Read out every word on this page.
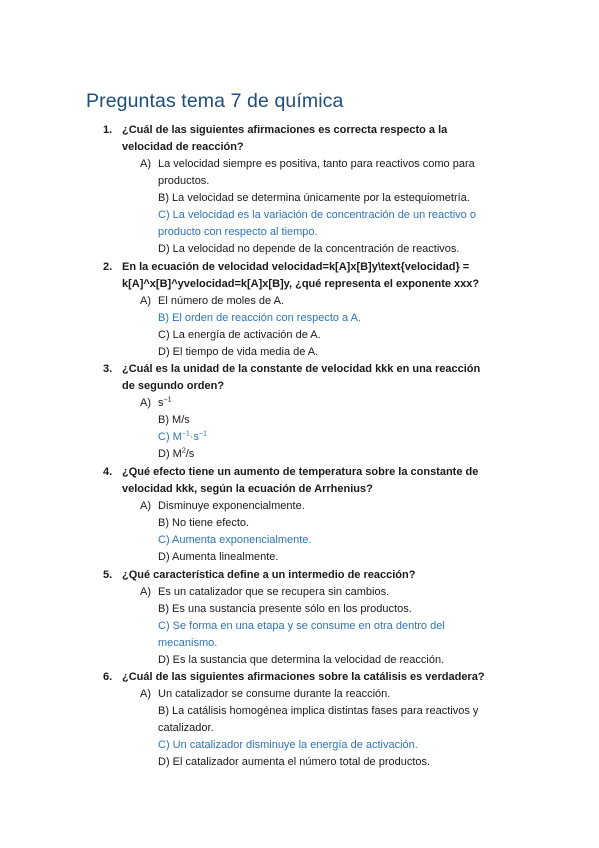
Preguntas tema 7 de química
1. ¿Cuál de las siguientes afirmaciones es correcta respecto a la velocidad de reacción?
A) La velocidad siempre es positiva, tanto para reactivos como para productos.
B) La velocidad se determina únicamente por la estequiometría.
C) La velocidad es la variación de concentración de un reactivo o producto con respecto al tiempo.
D) La velocidad no depende de la concentración de reactivos.
2. En la ecuación de velocidad velocidad=k[A]x[B]y\text{velocidad} = k[A]^x[B]^yvelocidad=k[A]x[B]y, ¿qué representa el exponente xxx?
A) El número de moles de A.
B) El orden de reacción con respecto a A.
C) La energía de activación de A.
D) El tiempo de vida media de A.
3. ¿Cuál es la unidad de la constante de velocidad kkk en una reacción de segundo orden?
A) $s^{-1}$
B) M/s
C) $M^{-1}\cdot s^{-1}$
D) $M^2/s$
4. ¿Qué efecto tiene un aumento de temperatura sobre la constante de velocidad kkk, según la ecuación de Arrhenius?
A) Disminuye exponencialmente.
B) No tiene efecto.
C) Aumenta exponencialmente.
D) Aumenta linealmente.
5. ¿Qué característica define a un intermedio de reacción?
A) Es un catalizador que se recupera sin cambios.
B) Es una sustancia presente sólo en los productos.
C) Se forma en una etapa y se consume en otra dentro del mecanismo.
D) Es la sustancia que determina la velocidad de reacción.
6. ¿Cuál de las siguientes afirmaciones sobre la catálisis es verdadera?
A) Un catalizador se consume durante la reacción.
B) La catálisis homogénea implica distintas fases para reactivos y catalizador.
C) Un catalizador disminuye la energía de activación.
D) El catalizador aumenta el número total de productos.
